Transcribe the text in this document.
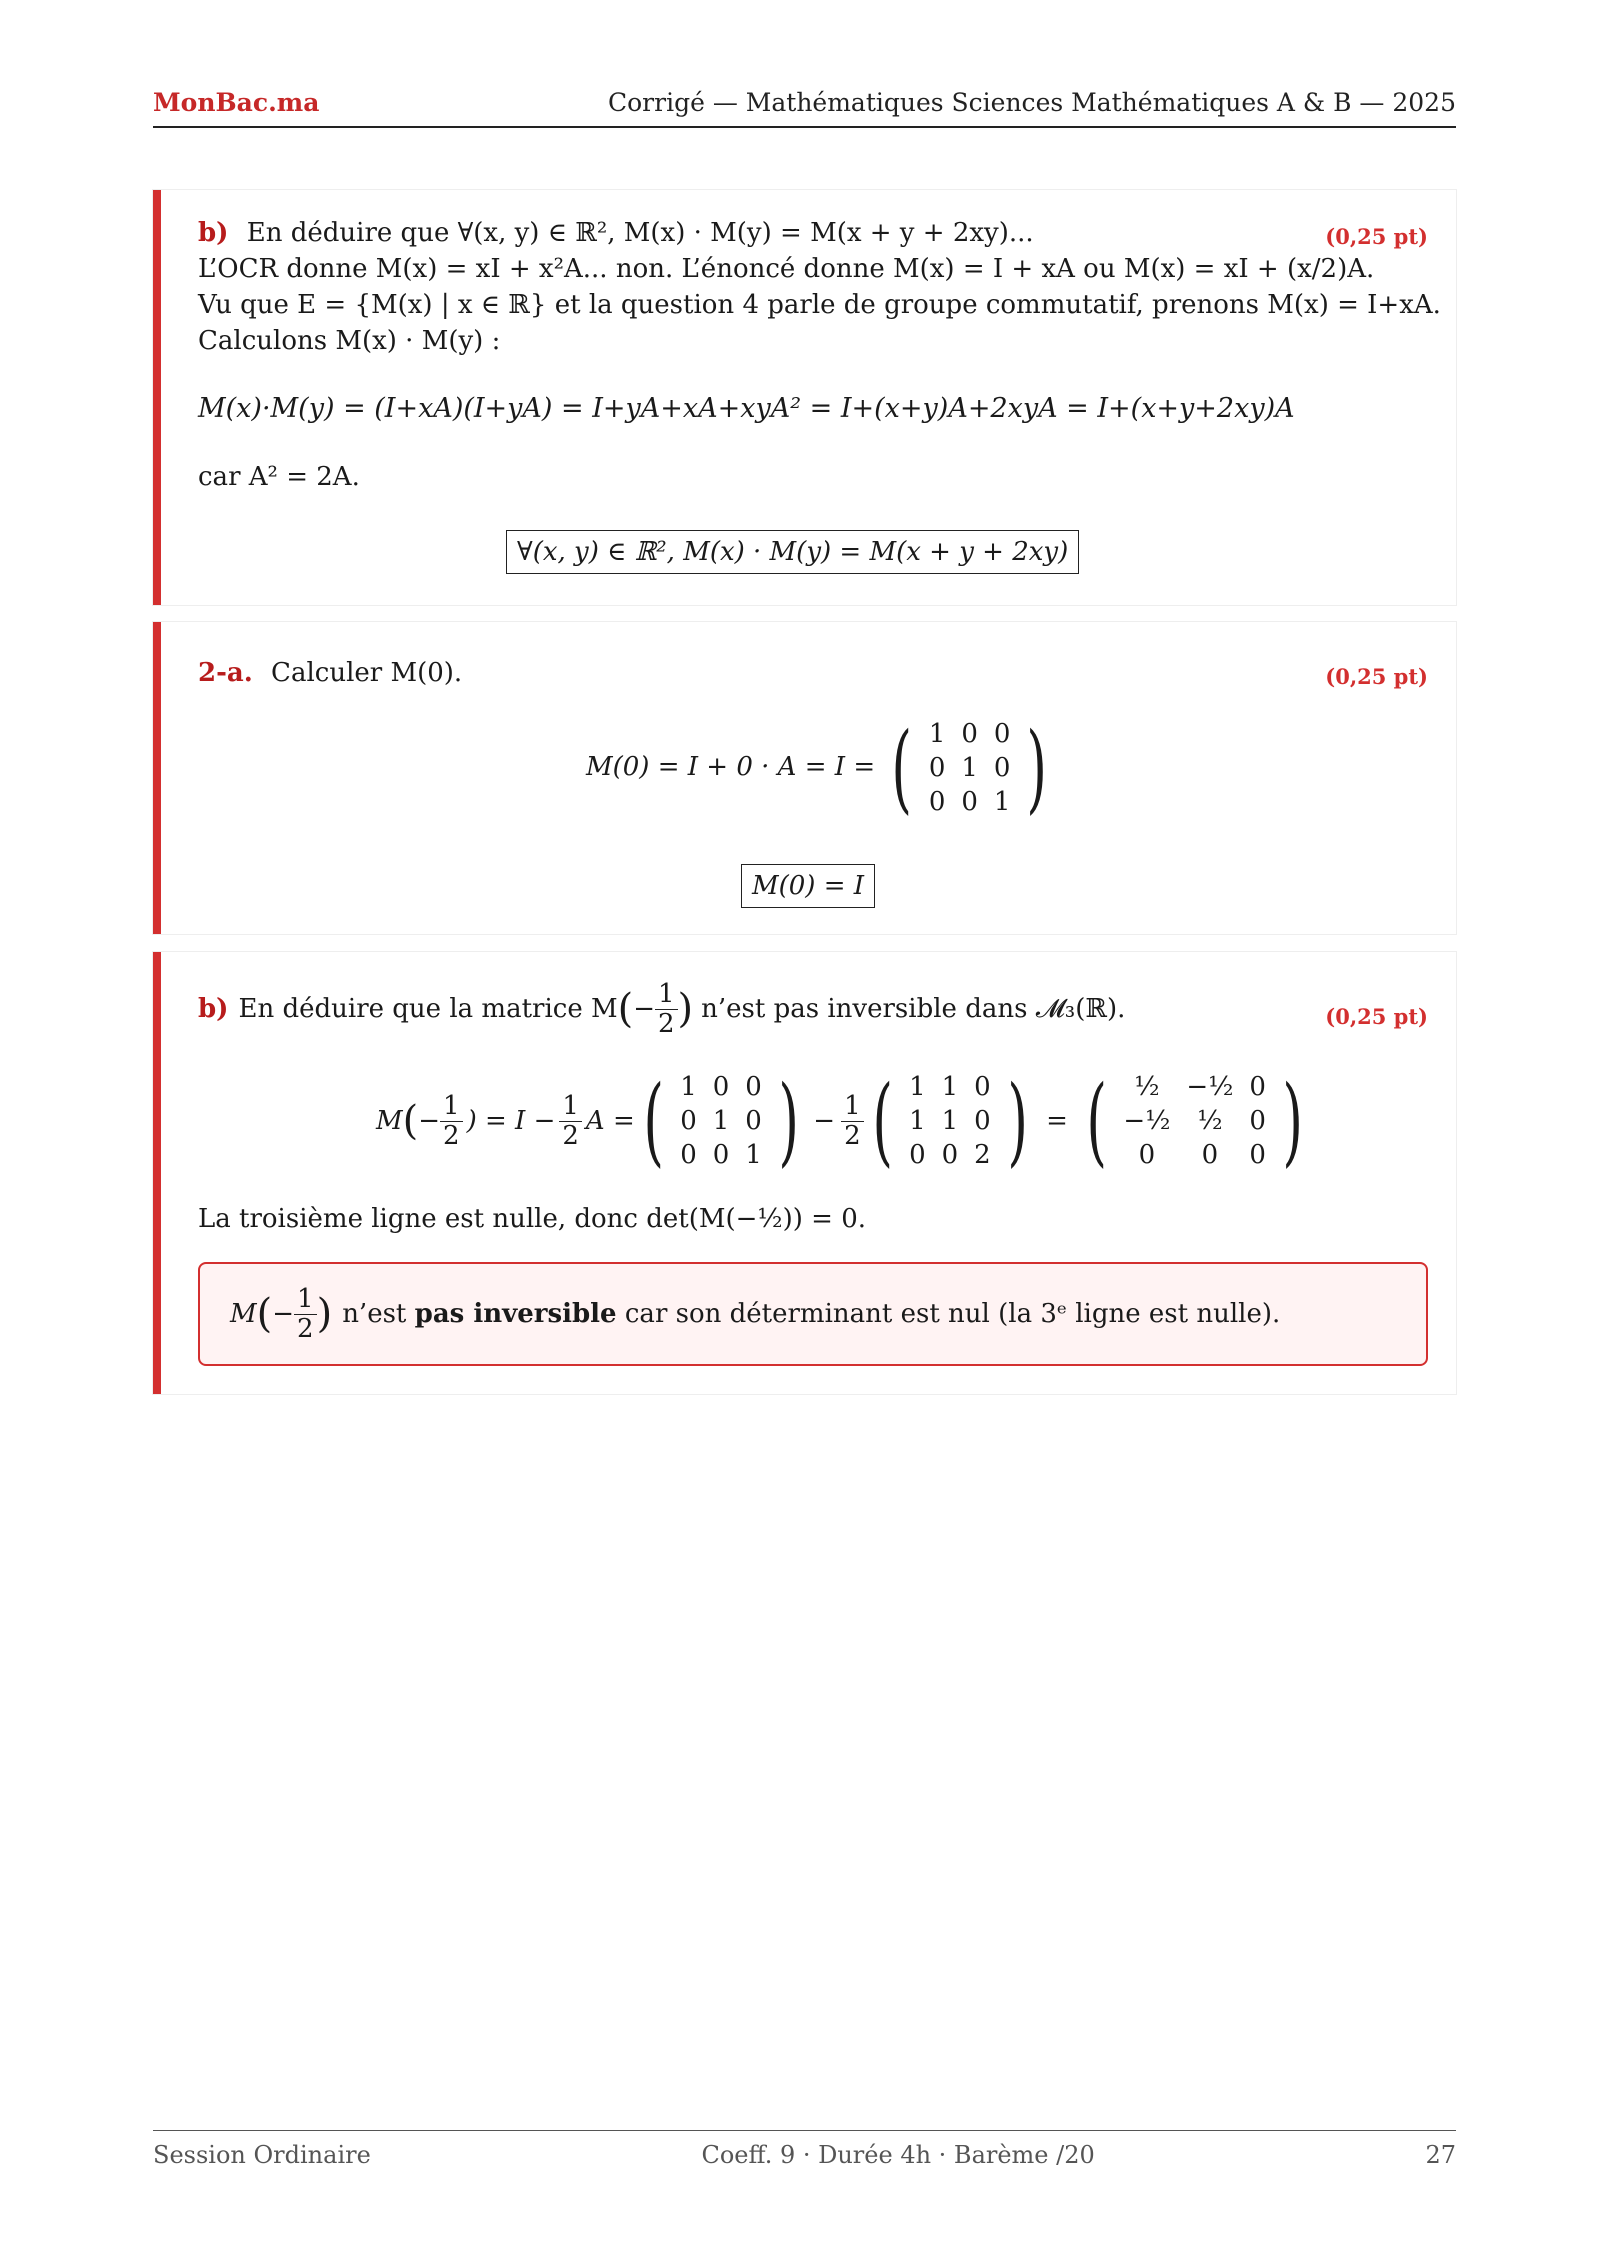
MonBac.ma	Corrigé — Mathématiques Sciences Mathématiques A & B — 2025
b) En déduire que ∀(x, y) ∈ ℝ², M(x) · M(y) = M(x + y + 2xy)...	(0,25 pt)
L’OCR donne M(x) = xI + x²A... non. L’énoncé donne M(x) = I + xA ou M(x) = xI + (x/2)A.
Vu que E = {M(x) | x ∈ ℝ} et la question 4 parle de groupe commutatif, prenons M(x) = I+xA.
Calculons M(x) · M(y) :
M(x)·M(y) = (I+xA)(I+yA) = I+yA+xA+xyA² = I+(x+y)A+2xyA = I+(x+y+2xy)A
car A² = 2A.
∀(x, y) ∈ ℝ², M(x) · M(y) = M(x + y + 2xy)
2-a. Calculer M(0).	(0,25 pt)
M(0) = I + 0 · A = I = ( 1	0	0
0	1	0
0	0	1 )
M(0) = I
b) En déduire que la matrice M ( − $\frac{1}{2}$ ) n’est pas inversible dans 𝓜₃(ℝ).	(0,25 pt)
M ( − $\frac{1}{2}$ ) = $I - \frac{1}{2}$ A = ( 1	0	0
0	1	0
0	0	1 ) − $\frac{1}{2}$ ( 1	1	0
1	1	0
0	0	2 ) = ( ½	−½	0
−½	½	0
0	0	0 )
La troisième ligne est nulle, donc det(M(−½)) = 0.
M ( − $\frac{1}{2}$ ) n’est
pas inversible
car son déterminant est nul (la 3ᵉ ligne est nulle).
Session Ordinaire	Coeff. 9 · Durée 4h · Barème /20	27
